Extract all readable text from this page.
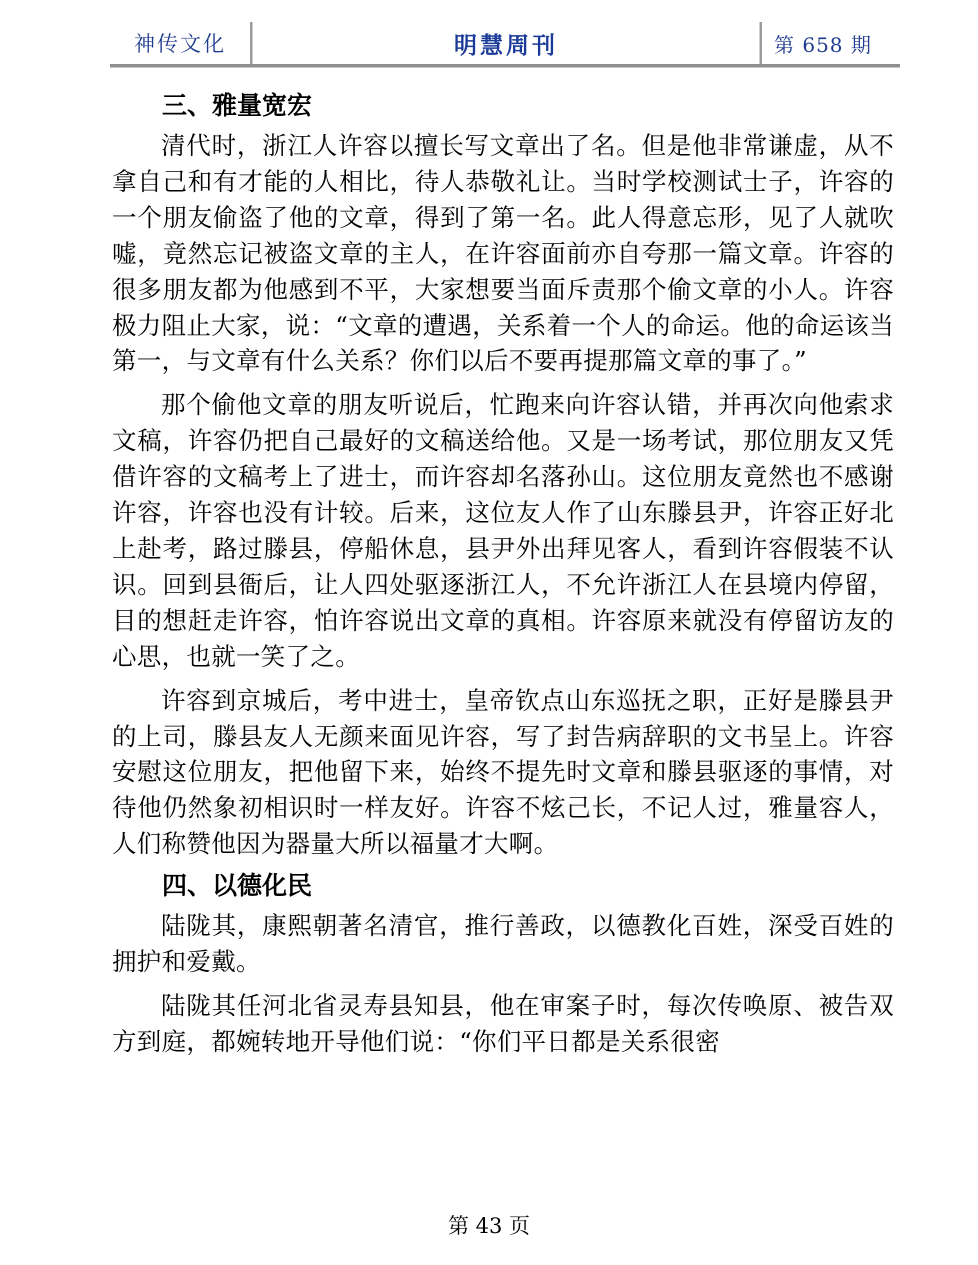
神传文化	明慧周刊	第 658 期
三、雅量宽宏

清代时，浙江人许容以擅长写文章出了名。但是他非常谦虚，从不拿自己和有才能的人相比，待人恭敬礼让。当时学校测试士子，许容的一个朋友偷盗了他的文章，得到了第一名。此人得意忘形，见了人就吹嘘，竟然忘记被盗文章的主人，在许容面前亦自夸那一篇文章。许容的很多朋友都为他感到不平，大家想要当面斥责那个偷文章的小人。许容极力阻止大家，说：“文章的遭遇，关系着一个人的命运。他的命运该当第一，与文章有什么关系？你们以后不要再提那篇文章的事了。”

那个偷他文章的朋友听说后，忙跑来向许容认错，并再次向他索求文稿，许容仍把自己最好的文稿送给他。又是一场考试，那位朋友又凭借许容的文稿考上了进士，而许容却名落孙山。这位朋友竟然也不感谢许容，许容也没有计较。后来，这位友人作了山东滕县尹，许容正好北上赴考，路过滕县，停船休息，县尹外出拜见客人，看到许容假装不认识。回到县衙后，让人四处驱逐浙江人，不允许浙江人在县境内停留，目的想赶走许容，怕许容说出文章的真相。许容原来就没有停留访友的心思，也就一笑了之。

许容到京城后，考中进士，皇帝钦点山东巡抚之职，正好是滕县尹的上司，滕县友人无颜来面见许容，写了封告病辞职的文书呈上。许容安慰这位朋友，把他留下来，始终不提先时文章和滕县驱逐的事情，对待他仍然象初相识时一样友好。许容不炫己长，不记人过，雅量容人，人们称赞他因为器量大所以福量才大啊。

四、以德化民

陆陇其，康熙朝著名清官，推行善政，以德教化百姓，深受百姓的拥护和爱戴。

陆陇其任河北省灵寿县知县，他在审案子时，每次传唤原、被告双方到庭，都婉转地开导他们说：“你们平日都是关系很密

第 43 页
